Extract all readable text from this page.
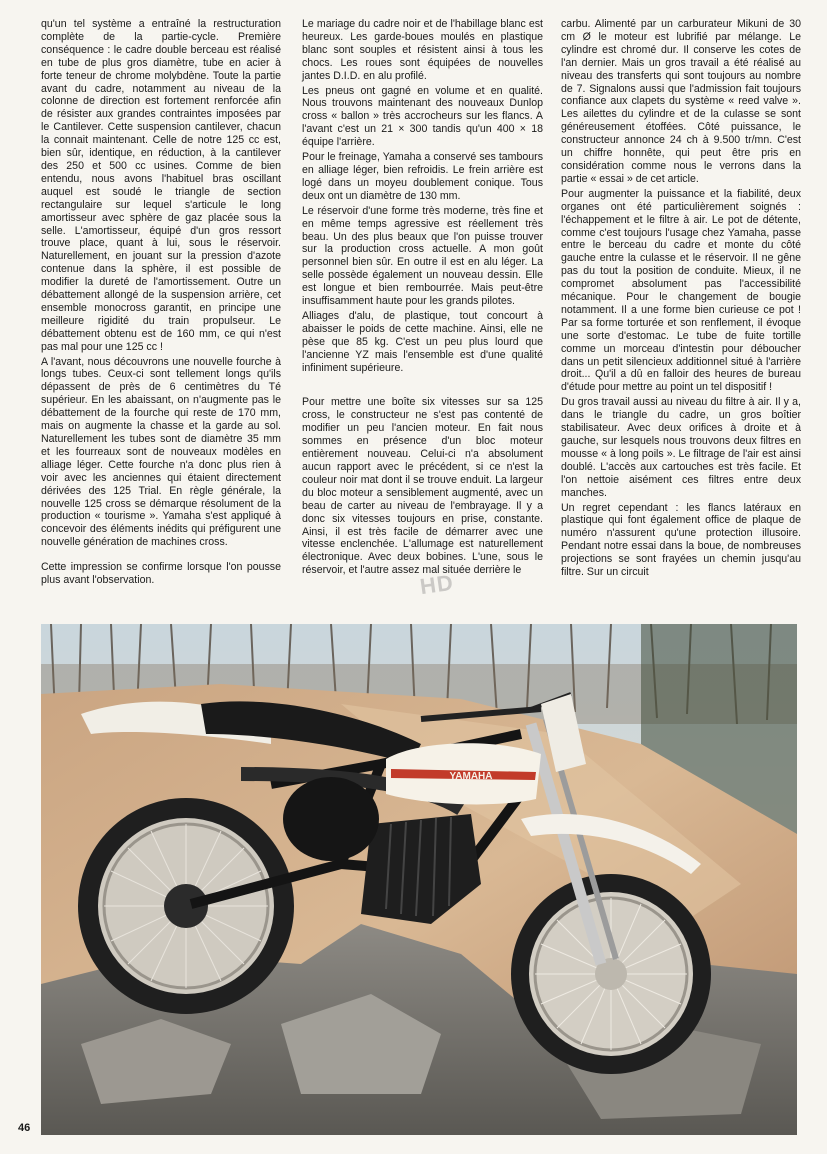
qu'un tel système a entraîné la restructuration complète de la partie-cycle. Première conséquence : le cadre double berceau est réalisé en tube de plus gros diamètre, tube en acier à forte teneur de chrome molybdène. Toute la partie avant du cadre, notamment au niveau de la colonne de direction est fortement renforcée afin de résister aux grandes contraintes imposées par le Cantilever. Cette suspension cantilever, chacun la connait maintenant. Celle de notre 125 cc est, bien sûr, identique, en réduction, à la cantilever des 250 et 500 cc usines. Comme de bien entendu, nous avons l'habituel bras oscillant auquel est soudé le triangle de section rectangulaire sur lequel s'articule le long amortisseur avec sphère de gaz placée sous la selle. L'amortisseur, équipé d'un gros ressort trouve place, quant à lui, sous le réservoir. Naturellement, en jouant sur la pression d'azote contenue dans la sphère, il est possible de modifier la dureté de l'amortissement. Outre un débattement allongé de la suspension arrière, cet ensemble monocross garantit, en principe une meilleure rigidité du train propulseur. Le débattement obtenu est de 160 mm, ce qui n'est pas mal pour une 125 cc !

A l'avant, nous découvrons une nouvelle fourche à longs tubes. Ceux-ci sont tellement longs qu'ils dépassent de près de 6 centimètres du Té supérieur. En les abaissant, on n'augmente pas le débattement de la fourche qui reste de 170 mm, mais on augmente la chasse et la garde au sol. Naturellement les tubes sont de diamètre 35 mm et les fourreaux sont de nouveaux modèles en alliage léger. Cette fourche n'a donc plus rien à voir avec les anciennes qui étaient directement dérivées des 125 Trial. En règle générale, la nouvelle 125 cross se démarque résolument de la production « tourisme ». Yamaha s'est appliqué à concevoir des éléments inédits qui préfigurent une nouvelle génération de machines cross.

Cette impression se confirme lorsque l'on pousse plus avant l'observation.

Le mariage du cadre noir et de l'habillage blanc est heureux. Les garde-boues moulés en plastique blanc sont souples et résistent ainsi à tous les chocs. Les roues sont équipées de nouvelles jantes D.I.D. en alu profilé.

Les pneus ont gagné en volume et en qualité. Nous trouvons maintenant des nouveaux Dunlop cross « ballon » très accrocheurs sur les flancs. A l'avant c'est un 21 × 300 tandis qu'un 400 × 18 équipe l'arrière.

Pour le freinage, Yamaha a conservé ses tambours en alliage léger, bien refroidis. Le frein arrière est logé dans un moyeu doublement conique. Tous deux ont un diamètre de 130 mm.

Le réservoir d'une forme très moderne, très fine et en même temps agressive est réellement très beau. Un des plus beaux que l'on puisse trouver sur la production cross actuelle. A mon goût personnel bien sûr. En outre il est en alu léger. La selle possède également un nouveau dessin. Elle est longue et bien rembourrée. Mais peut-être insuffisamment haute pour les grands pilotes.

Alliages d'alu, de plastique, tout concourt à abaisser le poids de cette machine. Ainsi, elle ne pèse que 85 kg. C'est un peu plus lourd que l'ancienne YZ mais l'ensemble est d'une qualité infiniment supérieure.

Pour mettre une boîte six vitesses sur sa 125 cross, le constructeur ne s'est pas contenté de modifier un peu l'ancien moteur. En fait nous sommes en présence d'un bloc moteur entièrement nouveau. Celui-ci n'a absolument aucun rapport avec le précédent, si ce n'est la couleur noir mat dont il se trouve enduit. La largeur du bloc moteur a sensiblement augmenté, avec un beau de carter au niveau de l'embrayage. Il y a donc six vitesses toujours en prise, constante. Ainsi, il est très facile de démarrer avec une vitesse enclenchée. L'allumage est naturellement électronique. Avec deux bobines. L'une, sous le réservoir, et l'autre assez mal située derrière le

carbu. Alimenté par un carburateur Mikuni de 30 cm Ø le moteur est lubrifié par mélange. Le cylindre est chromé dur. Il conserve les cotes de l'an dernier. Mais un gros travail a été réalisé au niveau des transferts qui sont toujours au nombre de 7. Signalons aussi que l'admission fait toujours confiance aux clapets du système « reed valve ». Les ailettes du cylindre et de la culasse se sont généreusement étoffées. Côté puissance, le constructeur annonce 24 ch à 9.500 tr/mn. C'est un chiffre honnête, qui peut être pris en considération comme nous le verrons dans la partie « essai » de cet article.

Pour augmenter la puissance et la fiabilité, deux organes ont été particulièrement soignés : l'échappement et le filtre à air. Le pot de détente, comme c'est toujours l'usage chez Yamaha, passe entre le berceau du cadre et monte du côté gauche entre la culasse et le réservoir. Il ne gêne pas du tout la position de conduite. Mieux, il ne compromet absolument pas l'accessibilité mécanique. Pour le changement de bougie notamment. Il a une forme bien curieuse ce pot ! Par sa forme torturée et son renflement, il évoque une sorte d'estomac. Le tube de fuite tortille comme un morceau d'intestin pour déboucher dans un petit silencieux additionnel situé à l'arrière droit... Qu'il a dû en falloir des heures de bureau d'étude pour mettre au point un tel dispositif !

Du gros travail aussi au niveau du filtre à air. Il y a, dans le triangle du cadre, un gros boîtier stabilisateur. Avec deux orifices à droite et à gauche, sur lesquels nous trouvons deux filtres en mousse « à long poils ». Le filtrage de l'air est ainsi doublé. L'accès aux cartouches est très facile. Et l'on nettoie aisément ces filtres entre deux manches.

Un regret cependant : les flancs latéraux en plastique qui font également office de plaque de numéro n'assurent qu'une protection illusoire. Pendant notre essai dans la boue, de nombreuses projections se sont frayées un chemin jusqu'au filtre. Sur un circuit

HD
YAMAHA
46
